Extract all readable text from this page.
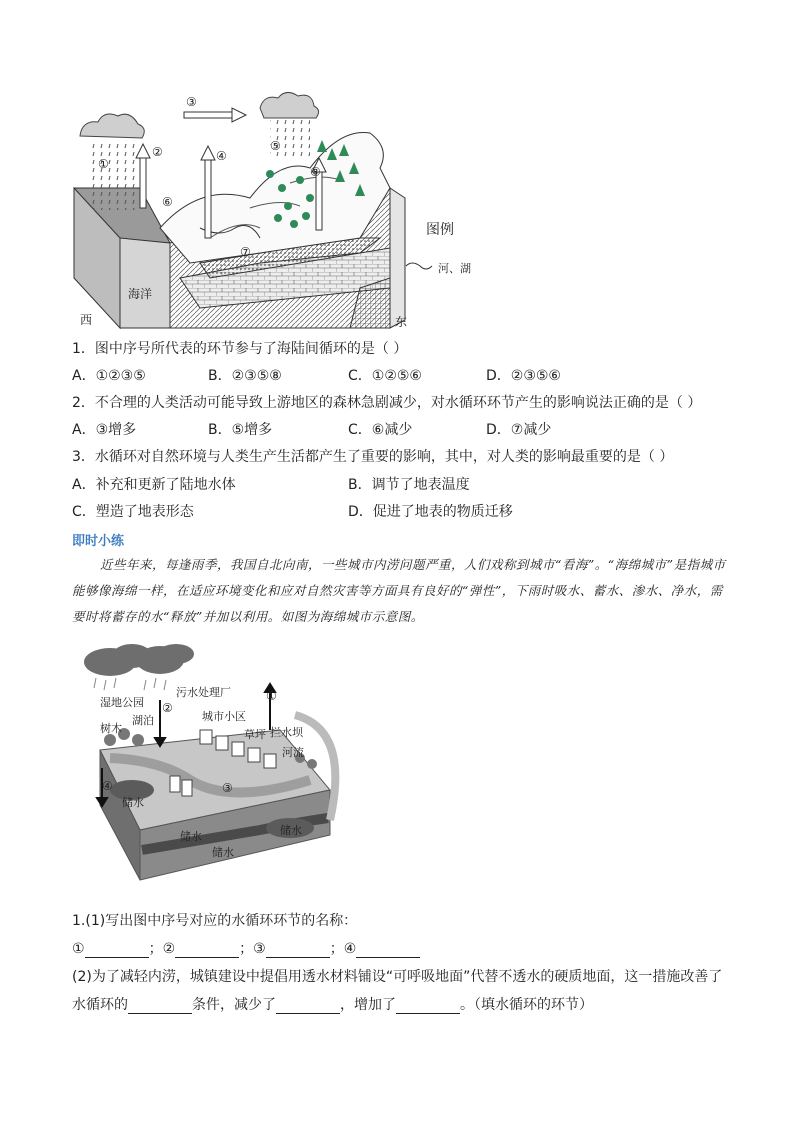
①
②
③
④
⑤
⑥
⑦
⑧
海洋
西	东
图例
河、湖
1．图中序号所代表的环节参与了海陆间循环的是（ ）
A．①②③⑤	B．②③⑤⑧	C．①②⑤⑥	D．②③⑤⑥
2．不合理的人类活动可能导致上游地区的森林急剧减少，对水循环环节产生的影响说法正确的是（ ）
A．③增多	B．⑤增多	C．⑥减少	D．⑦减少
3．水循环对自然环境与人类生产生活都产生了重要的影响，其中，对人类的影响最重要的是（ ）
A．补充和更新了陆地水体	B．调节了地表温度
C．塑造了地表形态	D．促进了地表的物质迁移
即时小练
近些年来，每逢雨季，我国自北向南，一些城市内涝问题严重，人们戏称到城市“看海”。“海绵城市”是指城市能够像海绵一样，在适应环境变化和应对自然灾害等方面具有良好的“弹性”，下雨时吸水、蓄水、渗水、净水，需要时将蓄存的水“释放”并加以利用。如图为海绵城市示意图。
湿地公园
污水处理厂
湖泊
树木
城市小区
草坪 拦水坝
河流
储水
储水
储水
储水
①
②
③
④
1.(1)写出图中序号对应的水循环环节的名称：
①	；②	；③	；④
(2)为了减轻内涝，城镇建设中提倡用透水材料铺设“可呼吸地面”代替不透水的硬质地面，这一措施改善了
水循环的	条件，减少了	，增加了	。（填水循环的环节）
